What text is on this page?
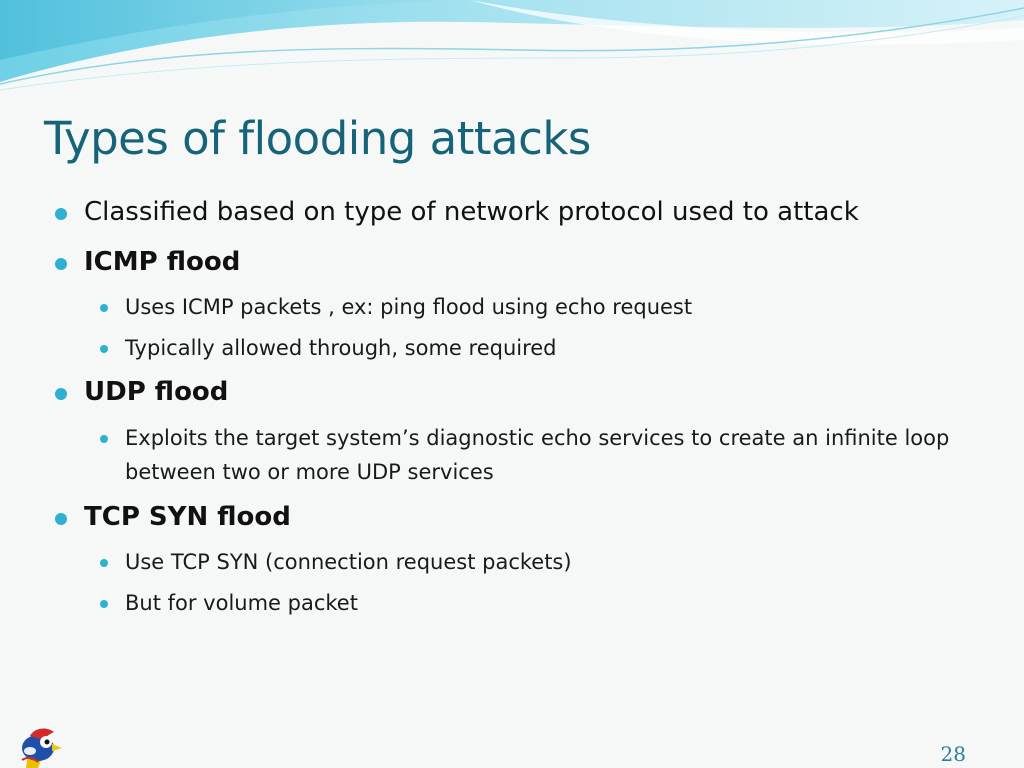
Types of flooding attacks
Classified based on type of network protocol used to attack
ICMP flood
Uses ICMP packets , ex: ping flood using echo request
Typically allowed through, some required
UDP flood
Exploits the target system’s diagnostic echo services to create an infinite loop between two or more UDP services
TCP SYN flood
Use TCP SYN (connection request packets)
But for volume packet
28
